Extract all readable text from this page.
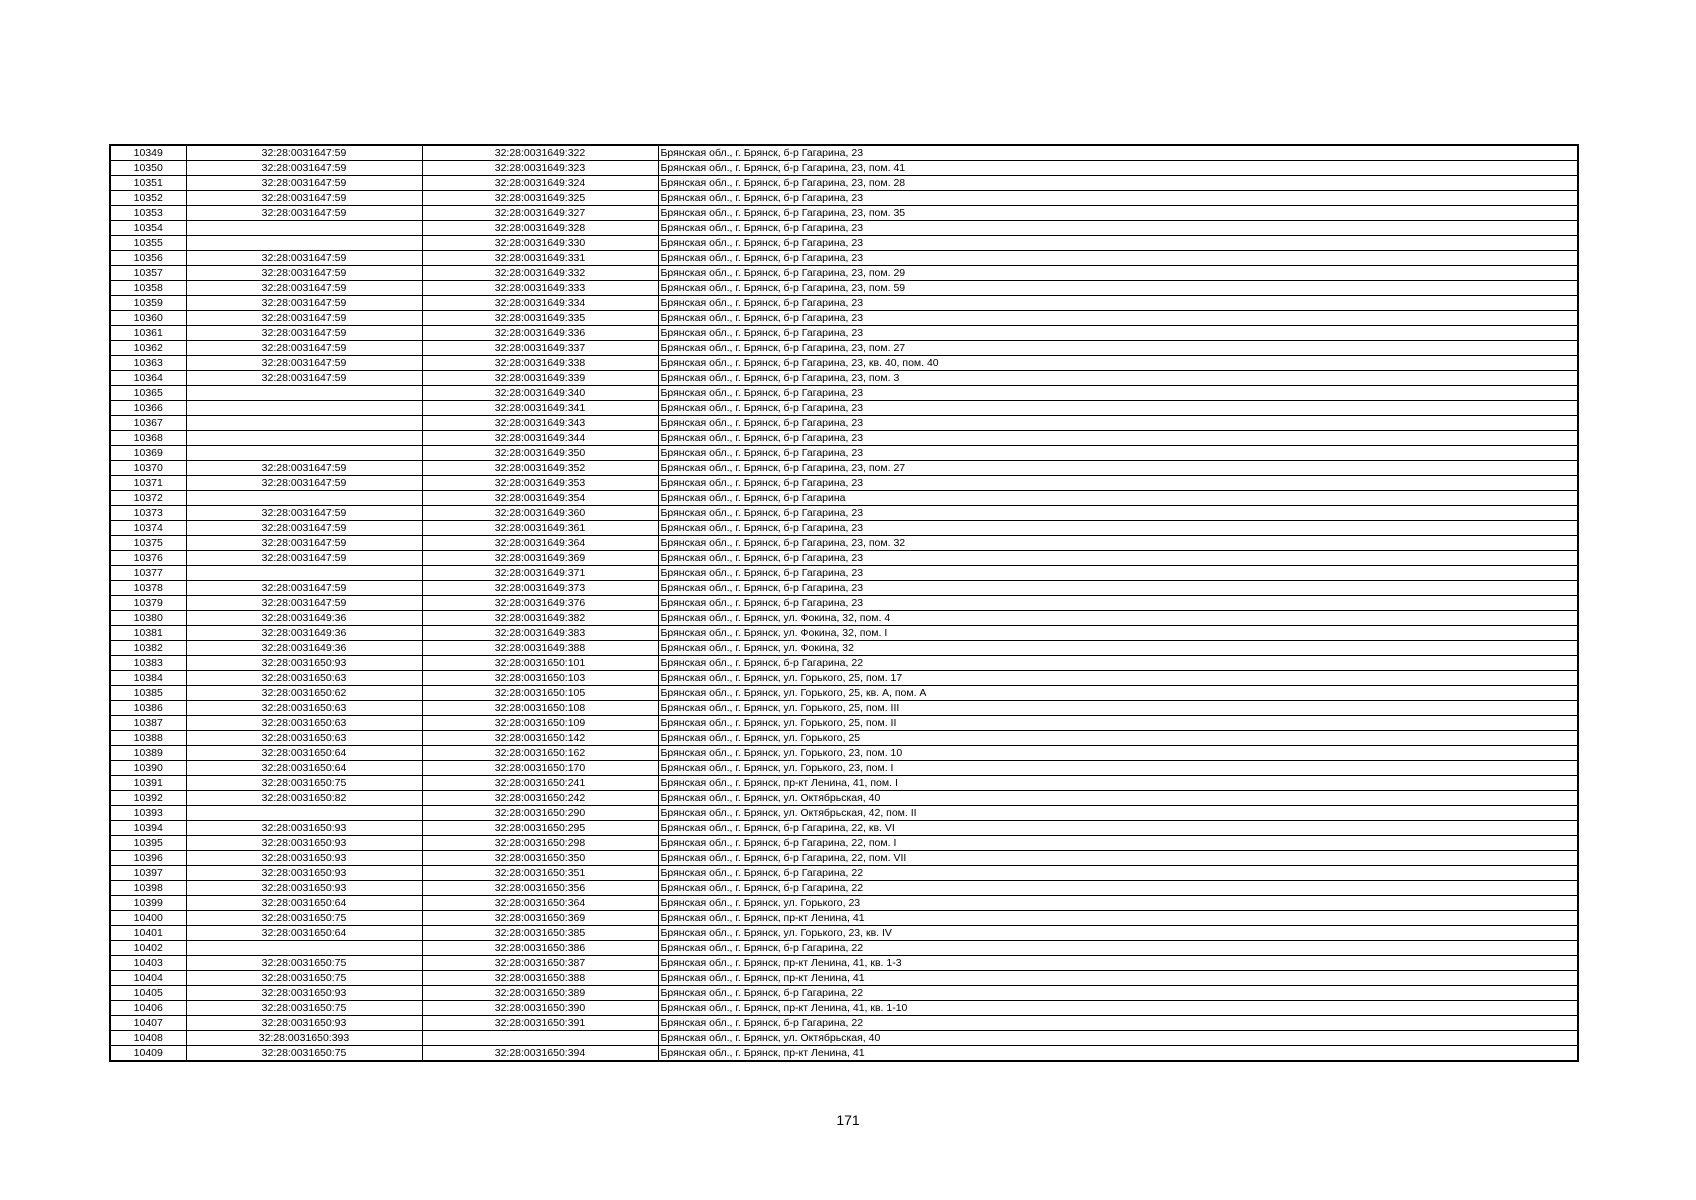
10349	32:28:0031647:59	32:28:0031649:322	Брянская обл., г. Брянск, б-р Гагарина, 23
10350	32:28:0031647:59	32:28:0031649:323	Брянская обл., г. Брянск, б-р Гагарина, 23, пом. 41
10351	32:28:0031647:59	32:28:0031649:324	Брянская обл., г. Брянск, б-р Гагарина, 23, пом. 28
10352	32:28:0031647:59	32:28:0031649:325	Брянская обл., г. Брянск, б-р Гагарина, 23
10353	32:28:0031647:59	32:28:0031649:327	Брянская обл., г. Брянск, б-р Гагарина, 23, пом. 35
10354		32:28:0031649:328	Брянская обл., г. Брянск, б-р Гагарина, 23
10355		32:28:0031649:330	Брянская обл., г. Брянск, б-р Гагарина, 23
10356	32:28:0031647:59	32:28:0031649:331	Брянская обл., г. Брянск, б-р Гагарина, 23
10357	32:28:0031647:59	32:28:0031649:332	Брянская обл., г. Брянск, б-р Гагарина, 23, пом. 29
10358	32:28:0031647:59	32:28:0031649:333	Брянская обл., г. Брянск, б-р Гагарина, 23, пом. 59
10359	32:28:0031647:59	32:28:0031649:334	Брянская обл., г. Брянск, б-р Гагарина, 23
10360	32:28:0031647:59	32:28:0031649:335	Брянская обл., г. Брянск, б-р Гагарина, 23
10361	32:28:0031647:59	32:28:0031649:336	Брянская обл., г. Брянск, б-р Гагарина, 23
10362	32:28:0031647:59	32:28:0031649:337	Брянская обл., г. Брянск, б-р Гагарина, 23, пом. 27
10363	32:28:0031647:59	32:28:0031649:338	Брянская обл., г. Брянск, б-р Гагарина, 23, кв. 40, пом. 40
10364	32:28:0031647:59	32:28:0031649:339	Брянская обл., г. Брянск, б-р Гагарина, 23, пом. 3
10365		32:28:0031649:340	Брянская обл., г. Брянск, б-р Гагарина, 23
10366		32:28:0031649:341	Брянская обл., г. Брянск, б-р Гагарина, 23
10367		32:28:0031649:343	Брянская обл., г. Брянск, б-р Гагарина, 23
10368		32:28:0031649:344	Брянская обл., г. Брянск, б-р Гагарина, 23
10369		32:28:0031649:350	Брянская обл., г. Брянск, б-р Гагарина, 23
10370	32:28:0031647:59	32:28:0031649:352	Брянская обл., г. Брянск, б-р Гагарина, 23, пом. 27
10371	32:28:0031647:59	32:28:0031649:353	Брянская обл., г. Брянск, б-р Гагарина, 23
10372		32:28:0031649:354	Брянская обл., г. Брянск, б-р Гагарина
10373	32:28:0031647:59	32:28:0031649:360	Брянская обл., г. Брянск, б-р Гагарина, 23
10374	32:28:0031647:59	32:28:0031649:361	Брянская обл., г. Брянск, б-р Гагарина, 23
10375	32:28:0031647:59	32:28:0031649:364	Брянская обл., г. Брянск, б-р Гагарина, 23, пом. 32
10376	32:28:0031647:59	32:28:0031649:369	Брянская обл., г. Брянск, б-р Гагарина, 23
10377		32:28:0031649:371	Брянская обл., г. Брянск, б-р Гагарина, 23
10378	32:28:0031647:59	32:28:0031649:373	Брянская обл., г. Брянск, б-р Гагарина, 23
10379	32:28:0031647:59	32:28:0031649:376	Брянская обл., г. Брянск, б-р Гагарина, 23
10380	32:28:0031649:36	32:28:0031649:382	Брянская обл., г. Брянск, ул. Фокина, 32, пом. 4
10381	32:28:0031649:36	32:28:0031649:383	Брянская обл., г. Брянск, ул. Фокина, 32, пом. I
10382	32:28:0031649:36	32:28:0031649:388	Брянская обл., г. Брянск, ул. Фокина, 32
10383	32:28:0031650:93	32:28:0031650:101	Брянская обл., г. Брянск, б-р Гагарина, 22
10384	32:28:0031650:63	32:28:0031650:103	Брянская обл., г. Брянск, ул. Горького, 25, пом. 17
10385	32:28:0031650:62	32:28:0031650:105	Брянская обл., г. Брянск, ул. Горького, 25, кв. А, пом. А
10386	32:28:0031650:63	32:28:0031650:108	Брянская обл., г. Брянск, ул. Горького, 25, пом. III
10387	32:28:0031650:63	32:28:0031650:109	Брянская обл., г. Брянск, ул. Горького, 25, пом. II
10388	32:28:0031650:63	32:28:0031650:142	Брянская обл., г. Брянск, ул. Горького, 25
10389	32:28:0031650:64	32:28:0031650:162	Брянская обл., г. Брянск, ул. Горького, 23, пом. 10
10390	32:28:0031650:64	32:28:0031650:170	Брянская обл., г. Брянск, ул. Горького, 23, пом. I
10391	32:28:0031650:75	32:28:0031650:241	Брянская обл., г. Брянск, пр-кт Ленина, 41, пом. I
10392	32:28:0031650:82	32:28:0031650:242	Брянская обл., г. Брянск, ул. Октябрьская, 40
10393		32:28:0031650:290	Брянская обл., г. Брянск, ул. Октябрьская, 42, пом. II
10394	32:28:0031650:93	32:28:0031650:295	Брянская обл., г. Брянск, б-р Гагарина, 22, кв. VI
10395	32:28:0031650:93	32:28:0031650:298	Брянская обл., г. Брянск, б-р Гагарина, 22, пом. I
10396	32:28:0031650:93	32:28:0031650:350	Брянская обл., г. Брянск, б-р Гагарина, 22, пом. VII
10397	32:28:0031650:93	32:28:0031650:351	Брянская обл., г. Брянск, б-р Гагарина, 22
10398	32:28:0031650:93	32:28:0031650:356	Брянская обл., г. Брянск, б-р Гагарина, 22
10399	32:28:0031650:64	32:28:0031650:364	Брянская обл., г. Брянск, ул. Горького, 23
10400	32:28:0031650:75	32:28:0031650:369	Брянская обл., г. Брянск, пр-кт Ленина, 41
10401	32:28:0031650:64	32:28:0031650:385	Брянская обл., г. Брянск, ул. Горького, 23, кв. IV
10402		32:28:0031650:386	Брянская обл., г. Брянск, б-р Гагарина, 22
10403	32:28:0031650:75	32:28:0031650:387	Брянская обл., г. Брянск, пр-кт Ленина, 41, кв. 1-3
10404	32:28:0031650:75	32:28:0031650:388	Брянская обл., г. Брянск, пр-кт Ленина, 41
10405	32:28:0031650:93	32:28:0031650:389	Брянская обл., г. Брянск, б-р Гагарина, 22
10406	32:28:0031650:75	32:28:0031650:390	Брянская обл., г. Брянск, пр-кт Ленина, 41, кв. 1-10
10407	32:28:0031650:93	32:28:0031650:391	Брянская обл., г. Брянск, б-р Гагарина, 22
10408	32:28:0031650:393		Брянская обл., г. Брянск, ул. Октябрьская, 40
10409	32:28:0031650:75	32:28:0031650:394	Брянская обл., г. Брянск, пр-кт Ленина, 41
171
